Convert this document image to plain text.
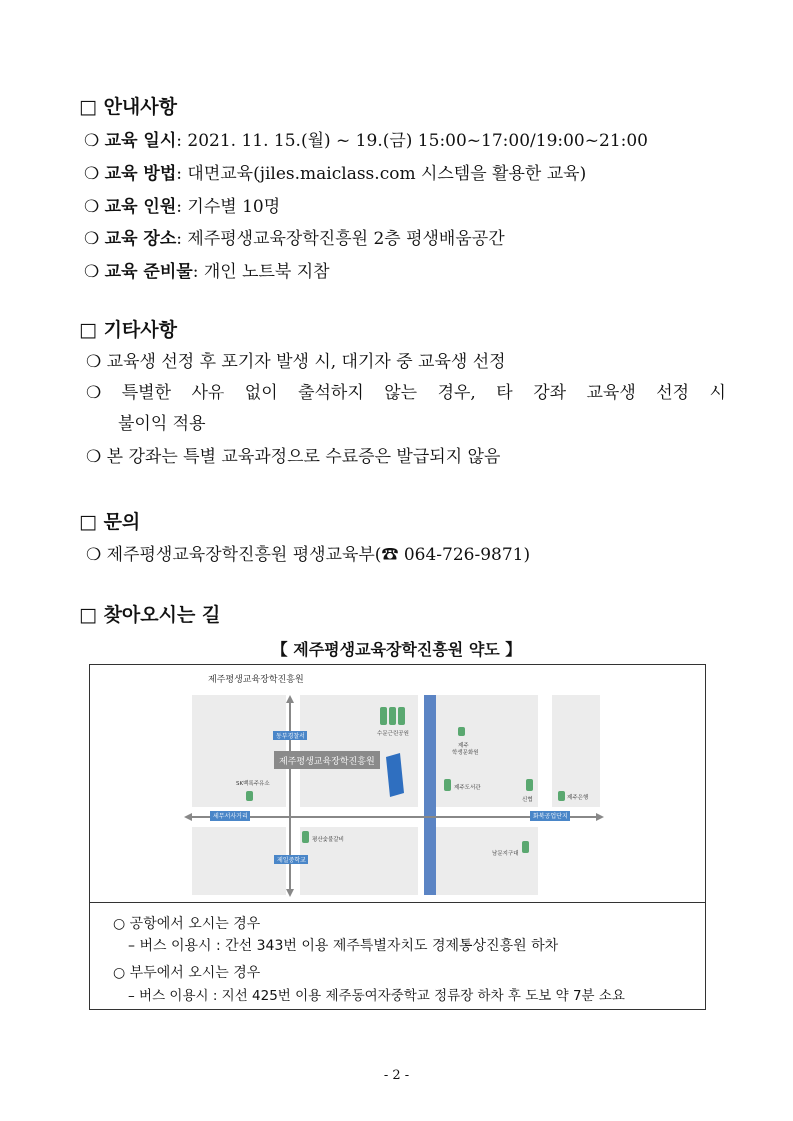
□ 안내사항
❍ 교육 일시: 2021. 11. 15.(월) ~ 19.(금) 15:00~17:00/19:00~21:00
❍ 교육 방법: 대면교육(jiles.maiclass.com 시스템을 활용한 교육)
❍ 교육 인원: 기수별 10명
❍ 교육 장소: 제주평생교육장학진흥원 2층 평생배움공간
❍ 교육 준비물: 개인 노트북 지참
□ 기타사항
❍ 교육생 선정 후 포기자 발생 시, 대기자 중 교육생 선정
❍ 특별한 사유 없이 출석하지 않는 경우, 타 강좌 교육생 선정 시
불이익 적용
❍ 본 강좌는 특별 교육과정으로 수료증은 발급되지 않음
□ 문의
❍ 제주평생교육장학진흥원 평생교육부(☎ 064-726-9871)
□ 찾아오시는 길
【 제주평생교육장학진흥원 약도 】
제주평생교육장학진흥원
수문근린공원
제주
학생문화원
SK백록주유소
제주도서관
신협	제주은행
평산숯불갈비
남문지구대
동부경찰서
세무서사거리	화북공업단지
제일중학교
제주평생교육장학진흥원
○ 공항에서 오시는 경우
– 버스 이용시 : 간선 343번 이용 제주특별자치도 경제통상진흥원 하차
○ 부두에서 오시는 경우
– 버스 이용시 : 지선 425번 이용 제주동여자중학교 정류장 하차 후 도보 약 7분 소요
- 2 -
